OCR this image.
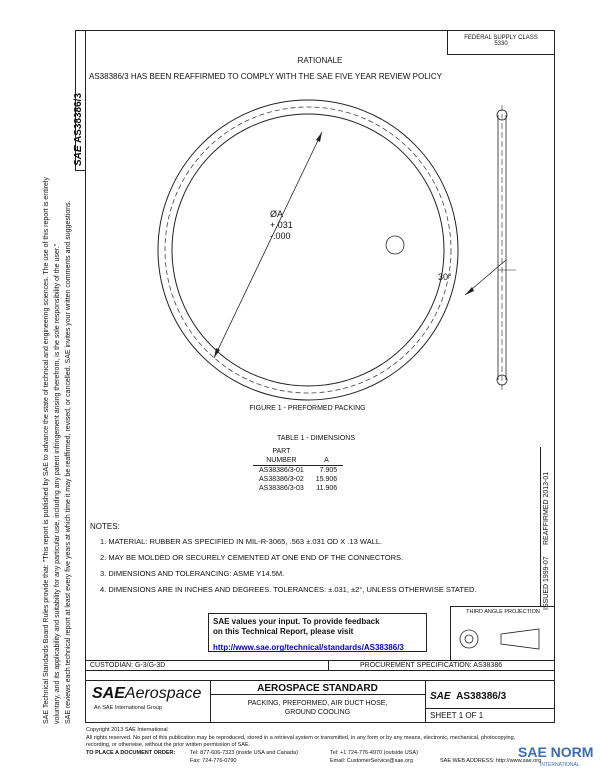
SAE Technical Standards Board Rules provide that: "This report is published by SAE to advance the state of technical and engineering sciences. The use of this report is entirely voluntary, and its applicability and suitability for any particular use, including any patent infringement arising therefrom, is the sole responsibility of the user." SAE reviews each technical report at least every five years at which time it may be reaffirmed, revised, or cancelled. SAE invites your written comments and suggestions.
SAE AS38386/3
FEDERAL SUPPLY CLASS
5330
RATIONALE
AS38386/3 HAS BEEN REAFFIRMED TO COMPLY WITH THE SAE FIVE YEAR REVIEW POLICY
ØA
+.031
-.000
30°
FIGURE 1 - PREFORMED PACKING
TABLE 1 - DIMENSIONS
PART	
NUMBER	A
AS38386/3-01	7.905
AS38386/3-02	15.906
AS38386/3-03	11.906	REAFFIRMED 2013-01
ISSUED 1999-07
NOTES:
1. MATERIAL: RUBBER AS SPECIFIED IN MIL-R-3065, .563 ±.031 OD X .13 WALL.
2. MAY BE MOLDED OR SECURELY CEMENTED AT ONE END OF THE CONNECTORS.
3. DIMENSIONS AND TOLERANCING: ASME Y14.5M.
4. DIMENSIONS ARE IN INCHES AND DEGREES. TOLERANCES: ±.031, ±2°, UNLESS OTHERWISE STATED.
SAE values your input. To provide feedback
on this Technical Report, please visit
http://www.sae.org/technical/standards/AS38386/3
THIRD ANGLE PROJECTION
CUSTODIAN: G-3/G-3D	PROCUREMENT SPECIFICATION: AS38386
SAEAerospace
An SAE International Group
AEROSPACE STANDARD
PACKING, PREFORMED, AIR DUCT HOSE,
GROUND COOLING
SAE AS38386/3
SHEET 1 OF 1
Copyright 2013 SAE International
All rights reserved. No part of this publication may be reproduced, stored in a retrieval system or transmitted, in any form or by any means, electronic, mechanical, photocopying,
recording, or otherwise, without the prior written permission of SAE.
TO PLACE A DOCUMENT ORDER:	Tel: 877-606-7323 (inside USA and Canada)
Fax: 724-776-0790
Tel: +1 724-776-4970 (outside USA)
Email: CustomerService@sae.org	SAE WEB ADDRESS: http://www.sae.org
SAE NORM
INTERNATIONAL
